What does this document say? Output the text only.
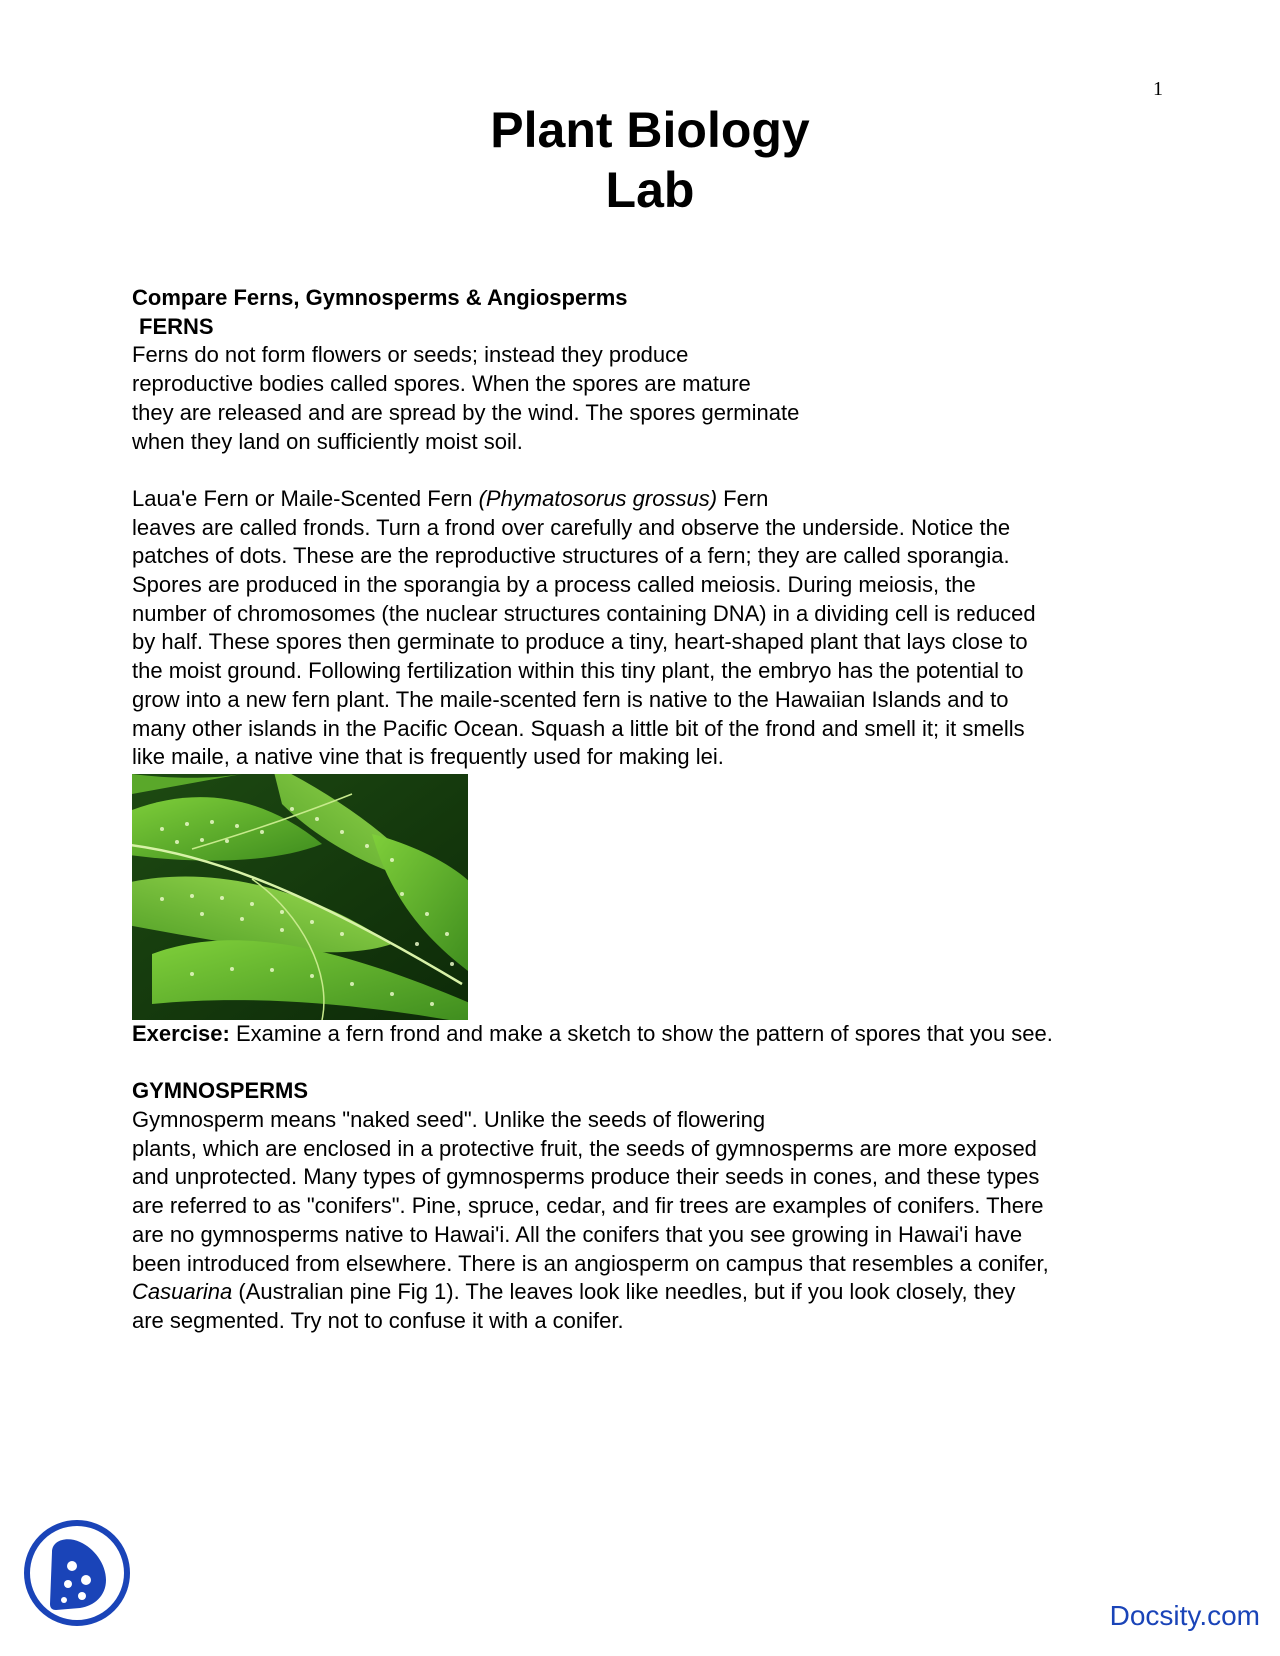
1
Plant Biology
Lab
Compare Ferns, Gymnosperms & Angiosperms
FERNS
Ferns do not form flowers or seeds; instead they produce
reproductive bodies called spores. When the spores are mature
they are released and are spread by the wind. The spores germinate
when they land on sufficiently moist soil.
Laua'e Fern or Maile-Scented Fern (Phymatosorus grossus) Fern
leaves are called fronds. Turn a frond over carefully and observe the underside. Notice the
patches of dots. These are the reproductive structures of a fern; they are called sporangia.
Spores are produced in the sporangia by a process called meiosis. During meiosis, the
number of chromosomes (the nuclear structures containing DNA) in a dividing cell is reduced
by half. These spores then germinate to produce a tiny, heart-shaped plant that lays close to
the moist ground. Following fertilization within this tiny plant, the embryo has the potential to
grow into a new fern plant. The maile-scented fern is native to the Hawaiian Islands and to
many other islands in the Pacific Ocean. Squash a little bit of the frond and smell it; it smells
like maile, a native vine that is frequently used for making lei.
Exercise: Examine a fern frond and make a sketch to show the pattern of spores that you see.
GYMNOSPERMS
Gymnosperm means "naked seed". Unlike the seeds of flowering
plants, which are enclosed in a protective fruit, the seeds of gymnosperms are more exposed
and unprotected. Many types of gymnosperms produce their seeds in cones, and these types
are referred to as "conifers". Pine, spruce, cedar, and fir trees are examples of conifers. There
are no gymnosperms native to Hawai'i. All the conifers that you see growing in Hawai'i have
been introduced from elsewhere. There is an angiosperm on campus that resembles a conifer,
Casuarina (Australian pine Fig 1). The leaves look like needles, but if you look closely, they
are segmented. Try not to confuse it with a conifer.
Docsity.com
